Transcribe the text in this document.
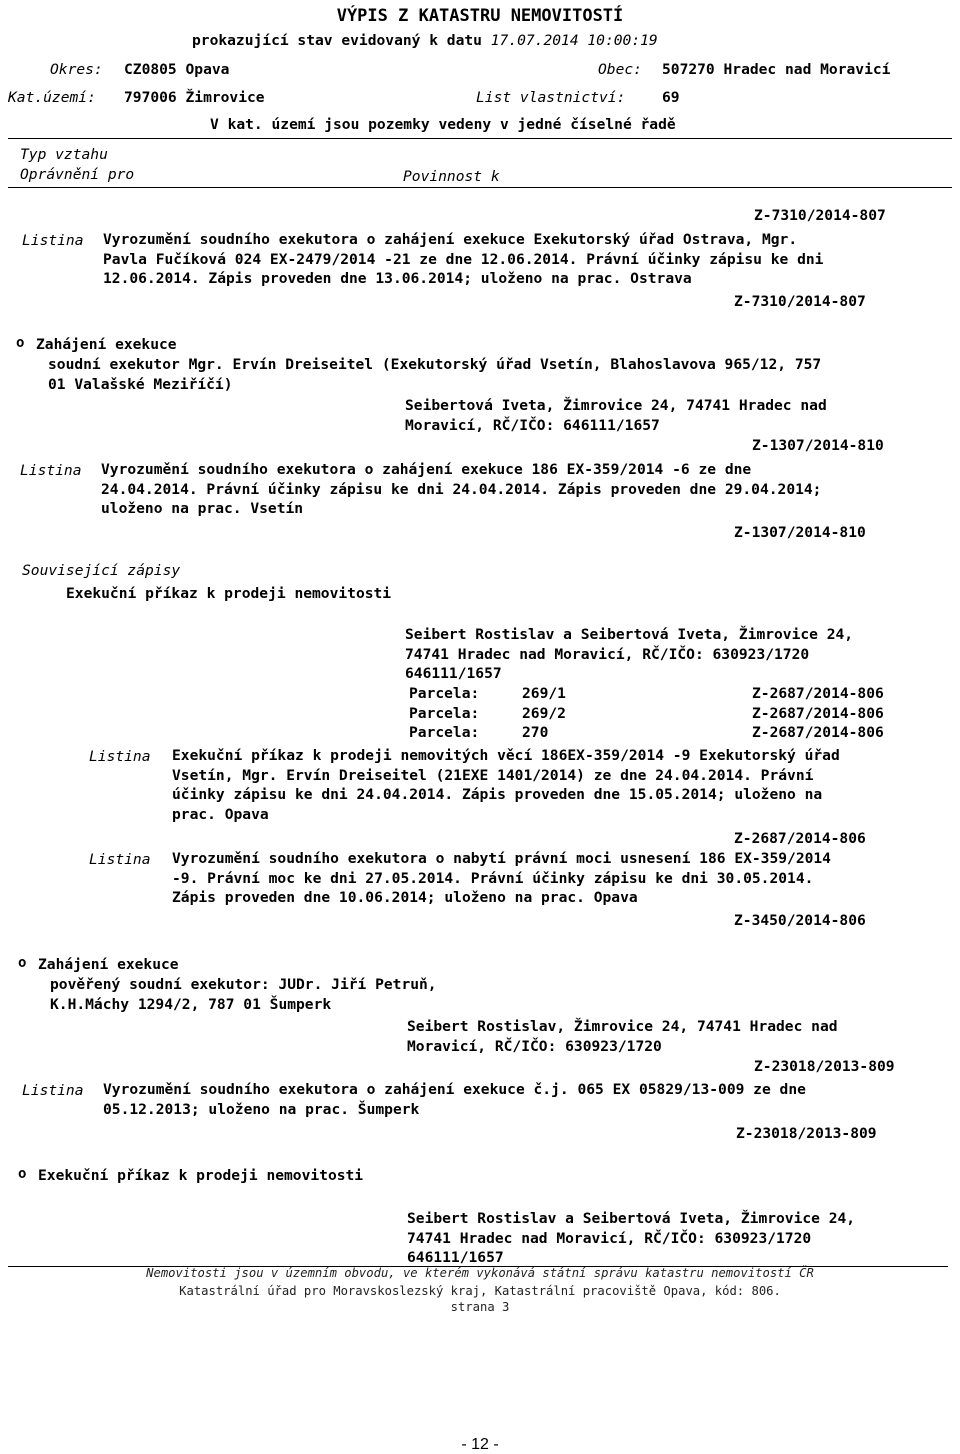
VÝPIS Z KATASTRU NEMOVITOSTÍ
prokazující stav evidovaný k datu 17.07.2014 10:00:19
Okres: CZ0805 Opava	Obec: 507270 Hradec nad Moravicí
Kat.území: 797006 Žimrovice	List vlastnictví:	69
V kat. území jsou pozemky vedeny v jedné číselné řadě
Typ vztahu
Oprávnění pro	Povinnost k
Z-7310/2014-807
Listina Vyrozumění soudního exekutora o zahájení exekuce Exekutorský úřad Ostrava, Mgr.
Pavla Fučíková 024 EX-2479/2014 -21 ze dne 12.06.2014. Právní účinky zápisu ke dni
12.06.2014. Zápis proveden dne 13.06.2014; uloženo na prac. Ostrava
Z-7310/2014-807
o Zahájení exekuce
soudní exekutor Mgr. Ervín Dreiseitel (Exekutorský úřad Vsetín, Blahoslavova 965/12, 757
01 Valašské Meziříčí)
Seibertová Iveta, Žimrovice 24, 74741 Hradec nad
Moravicí, RČ/IČO: 646111/1657
Z-1307/2014-810
Listina Vyrozumění soudního exekutora o zahájení exekuce 186 EX-359/2014 -6 ze dne
24.04.2014. Právní účinky zápisu ke dni 24.04.2014. Zápis proveden dne 29.04.2014;
uloženo na prac. Vsetín
Z-1307/2014-810
Související zápisy
Exekuční příkaz k prodeji nemovitosti
Seibert Rostislav a Seibertová Iveta, Žimrovice 24,
74741 Hradec nad Moravicí, RČ/IČO: 630923/1720
646111/1657
Parcela:	269/1	Z-2687/2014-806
Parcela:	269/2	Z-2687/2014-806
Parcela:	270	Z-2687/2014-806
Listina Exekuční příkaz k prodeji nemovitých věcí 186EX-359/2014 -9 Exekutorský úřad
Vsetín, Mgr. Ervín Dreiseitel (21EXE 1401/2014) ze dne 24.04.2014. Právní
účinky zápisu ke dni 24.04.2014. Zápis proveden dne 15.05.2014; uloženo na
prac. Opava
Z-2687/2014-806
Listina Vyrozumění soudního exekutora o nabytí právní moci usnesení 186 EX-359/2014
-9. Právní moc ke dni 27.05.2014. Právní účinky zápisu ke dni 30.05.2014.
Zápis proveden dne 10.06.2014; uloženo na prac. Opava
Z-3450/2014-806
o Zahájení exekuce
pověřený soudní exekutor: JUDr. Jiří Petruň,
K.H.Máchy 1294/2, 787 01 Šumperk
Seibert Rostislav, Žimrovice 24, 74741 Hradec nad
Moravicí, RČ/IČO: 630923/1720
Z-23018/2013-809
Listina Vyrozumění soudního exekutora o zahájení exekuce č.j. 065 EX 05829/13-009 ze dne
05.12.2013; uloženo na prac. Šumperk
Z-23018/2013-809
o Exekuční příkaz k prodeji nemovitosti
Seibert Rostislav a Seibertová Iveta, Žimrovice 24,
74741 Hradec nad Moravicí, RČ/IČO: 630923/1720
646111/1657
Nemovitosti jsou v územním obvodu, ve kterém vykonává státní správu katastru nemovitostí ČR
Katastrální úřad pro Moravskoslezský kraj, Katastrální pracoviště Opava, kód: 806.
strana 3
- 12 -
